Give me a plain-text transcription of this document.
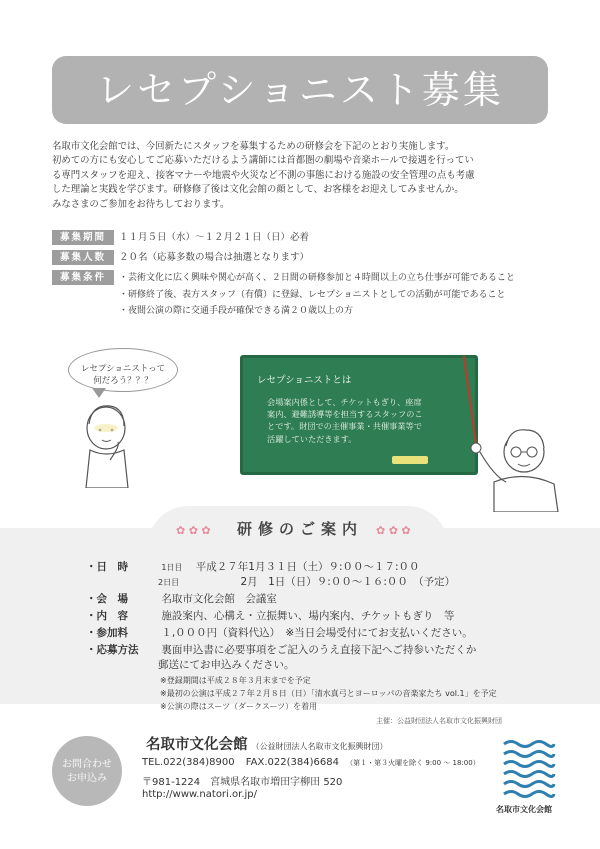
レセプショニスト募集
名取市文化会館では、今回新たにスタッフを募集するための研修会を下記のとおり実施します。
初めての方にも安心してご応募いただけるよう講師には首都圏の劇場や音楽ホールで接遇を行ってい
る専門スタッフを迎え、接客マナーや地震や火災など不測の事態における施設の安全管理の点も考慮
した理論と実践を学びます。研修修了後は文化会館の顔として、お客様をお迎えしてみませんか。
みなさまのご参加をお待ちしております。
募集期間	１１月５日（水）～１２月２１日（日）必着
募集人数	２０名（応募多数の場合は抽選となります）
募集条件	・芸術文化に広く興味や関心が高く、２日間の研修参加と４時間以上の立ち仕事が可能であること
・研修終了後、表方スタッフ（有償）に登録、レセプショニストとしての活動が可能であること
・夜間公演の際に交通手段が確保できる満２０歳以上の方
レセプショニストって
何だろう？？？	レセプショニストとは
会場案内係として、チケットもぎり、座席
案内、避難誘導等を担当するスタッフのこ
とです。財団での主催事業・共催事業等で
活躍していただきます。
✿ ✿ ✿	✿ ✿ ✿
研修のご案内
・日　時	1日目 平成２７年1月３１日（土）９:００～１７:００
2日目	2月　1日（日）９:００～１６:００　（予定）
・会　場	名取市文化会館　会議室
・内　容	施設案内、心構え・立振舞い、場内案内、チケットもぎり　等
・参加料	１,０００円（資料代込）　※当日会場受付にてお支払いください。
・応募方法 裏面申込書に必要事項をご記入のうえ直接下記へご持参いただくか
郵送にてお申込みください。
※登録期間は平成２８年３月末までを予定
※最初の公演は平成２７年２月８日（日）「清水真弓とヨーロッパの音楽家たち vol.1」を予定
※公演の際はスーツ（ダークスーツ）を着用
主催：公益財団法人名取市文化振興財団
お問合わせ
お申込み
名取市文化会館 （公益財団法人名取市文化振興財団）
TEL.022(384)8900 FAX.022(384)6684 （第１・第３火曜を除く 9:00 ～ 18:00）
〒981-1224　宮城県名取市増田字柳田 520
http://www.natori.or.jp/
名取市文化会館
